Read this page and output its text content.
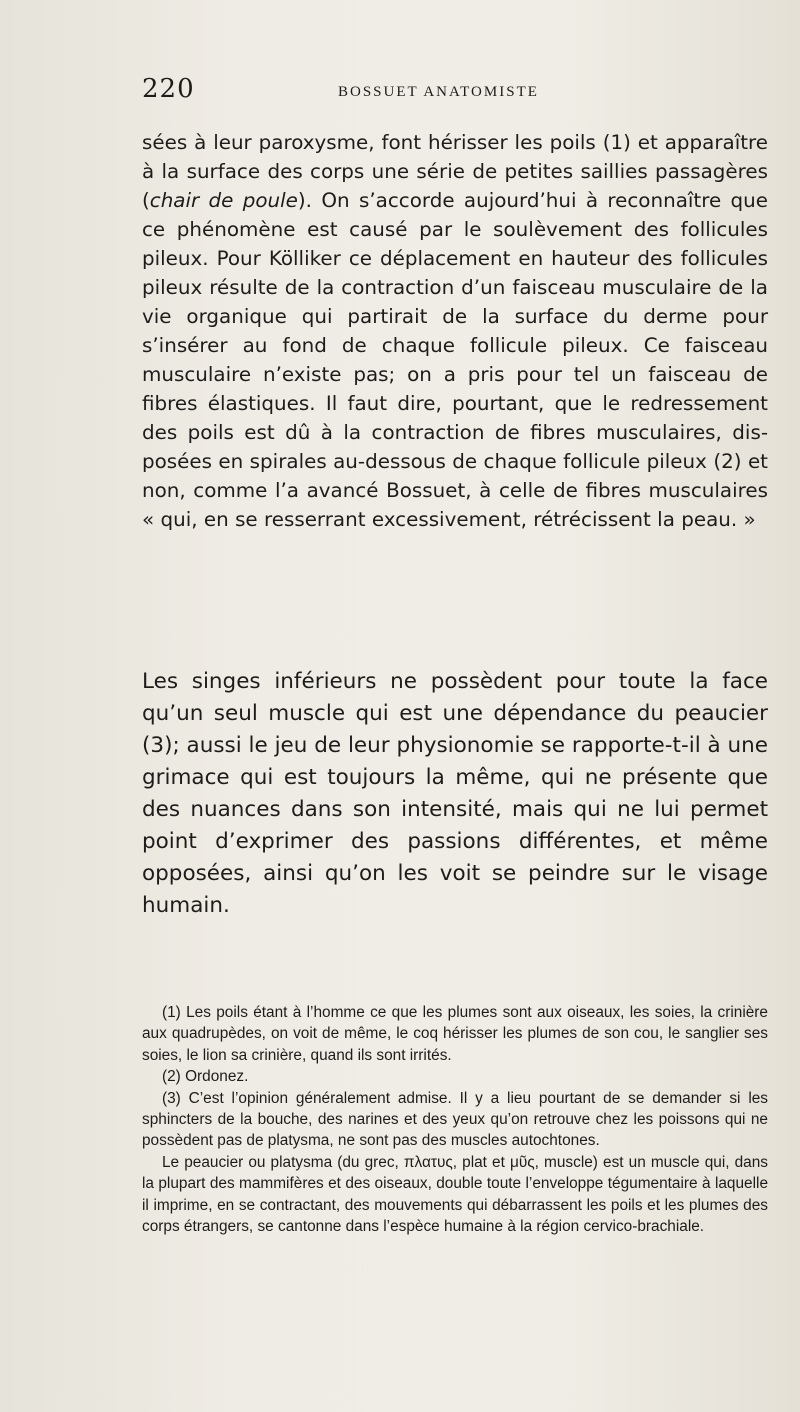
220	BOSSUET ANATOMISTE

sées à leur paroxysme, font hérisser les poils (1) et apparaître à la surface des corps une série de petites saillies passagères (chair de poule). On s’accorde aujourd’hui à reconnaître que ce phénomène est causé par le soulèvement des follicules pileux. Pour Kölliker ce déplacement en hauteur des follicules pileux résulte de la contraction d’un faisceau musculaire de la vie organique qui partirait de la surface du derme pour s’insérer au fond de chaque follicule pileux. Ce faisceau musculaire n’existe pas; on a pris pour tel un faisceau de fibres élastiques. Il faut dire, pourtant, que le redressement des poils est dû à la contraction de fibres musculaires, disposées en spirales au-dessous de chaque follicule pileux (2) et non, comme l’a avancé Bossuet, à celle de fibres musculaires « qui, en se resserrant excessivement, rétrécissent la peau. »

Les singes inférieurs ne possèdent pour toute la face qu’un seul muscle qui est une dépendance du peaucier (3); aussi le jeu de leur physionomie se rapporte-t-il à une grimace qui est toujours la même, qui ne présente que des nuances dans son intensité, mais qui ne lui permet point d’exprimer des passions différentes, et même opposées, ainsi qu’on les voit se peindre sur le visage humain.

(1) Les poils étant à l’homme ce que les plumes sont aux oiseaux, les soies, la crinière aux quadrupèdes, on voit de même, le coq hérisser les plumes de son cou, le sanglier ses soies, le lion sa crinière, quand ils sont irrités.

(2) Ordonez.

(3) C’est l’opinion généralement admise. Il y a lieu pourtant de se demander si les sphincters de la bouche, des narines et des yeux qu’on retrouve chez les poissons qui ne possèdent pas de platysma, ne sont pas des muscles autochtones.

Le peaucier ou platysma (du grec, πλατυς, plat et μῦς, muscle) est un muscle qui, dans la plupart des mammifères et des oiseaux, double toute l’enveloppe tégumentaire à laquelle il imprime, en se contractant, des mouvements qui débarrassent les poils et les plumes des corps étrangers, se cantonne dans l’espèce humaine à la région cervico-brachiale.
